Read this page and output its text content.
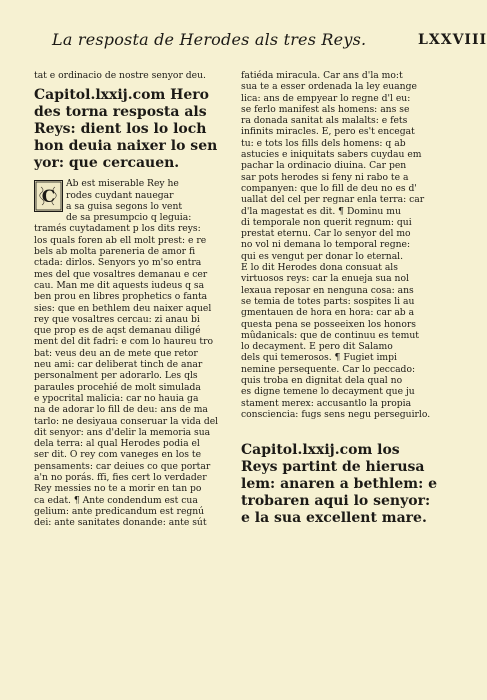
La resposta de Herodes als tres Reys.	LXXVIII
tat e ordinacio de nostre senyor deu.
Capitol.lxxij.com Hero
des torna resposta als
Reys: dient los lo loch
hon deuia naixer lo sen
yor: que cercauen.
C
Ab est miserable Rey he
rodes cuydant nauegar
a sa guisa segons lo vent
de sa presumpcio q leguia:
tramés cuytadament p los dits reys:
los quals foren ab ell molt prest: e re
bels ab molta pareneria de amor fi
ctada: dirlos. Senyors yo m'so entra
mes del que vosaltres demanau e cer
cau. Man me dit aquests iudeus q sa
ben prou en libres prophetics o fanta
sies: que en bethlem deu naixer aquel
rey que vosaltres cercau: zi anau bi
que prop es de aqst demanau diligé
ment del dit fadri: e com lo haureu tro
bat: veus deu an de mete que retor
neu ami: car deliberat tinch de anar
personalment per adorarlo. Les qls
paraules procehié de molt simulada
e ypocrital malicia: car no hauia ga
na de adorar lo fill de deu: ans de ma
tarlo: ne desiyaua conseruar la vida del
dit senyor: ans d'delir la memoria sua
dela terra: al qual Herodes podia el
ser dit. O rey com vaneges en los te
pensaments: car deiues co que portar
a'n no porás. ffi, fies cert lo verdader
Rey messies no te a morir en tan po
ca edat. ¶ Ante condendum est cua
gelium: ante predicandum est regnú
dei: ante sanitates donande: ante sút
fatiéda miracula. Car ans d'la mo:t
sua te a esser ordenada la ley euange
lica: ans de empyear lo regne d'l eu:
se ferlo manifest als homens: ans se
ra donada sanitat als malalts: e fets
infinits miracles. E, pero es't encegat
tu: e tots los fills dels homens: q ab
astucies e iniquitats sabers cuydau em
pachar la ordinacio diuina. Car pen
sar pots herodes si feny ni rabo te a
companyen: que lo fill de deu no es d'
uallat del cel per regnar enla terra: car
d'la magestat es dit. ¶ Dominu mu
di temporale non querit regnum: qui
prestat eternu. Car lo senyor del mo
no vol ni demana lo temporal regne:
qui es vengut per donar lo eternal.
E lo dit Herodes dona consuat als
virtuosos reys: car la enueja sua nol
lexaua reposar en nenguna cosa: ans
se temia de totes parts: sospites li au
gmentauen de hora en hora: car ab a
questa pena se posseeixen los honors
mûdanicals: que de continuu es temut
lo decayment. E pero dit Salamo
dels qui temerosos. ¶ Fugiet impi
nemine persequente. Car lo peccado:
quis troba en dignitat dela qual no
es digne temene lo decayment que ju
stament merex: accusantlo la propia
consciencia: fugs sens negu perseguirlo.
Capitol.lxxij.com los
Reys partint de hierusa
lem: anaren a bethlem: e
trobaren aqui lo senyor:
e la sua excellent mare.
